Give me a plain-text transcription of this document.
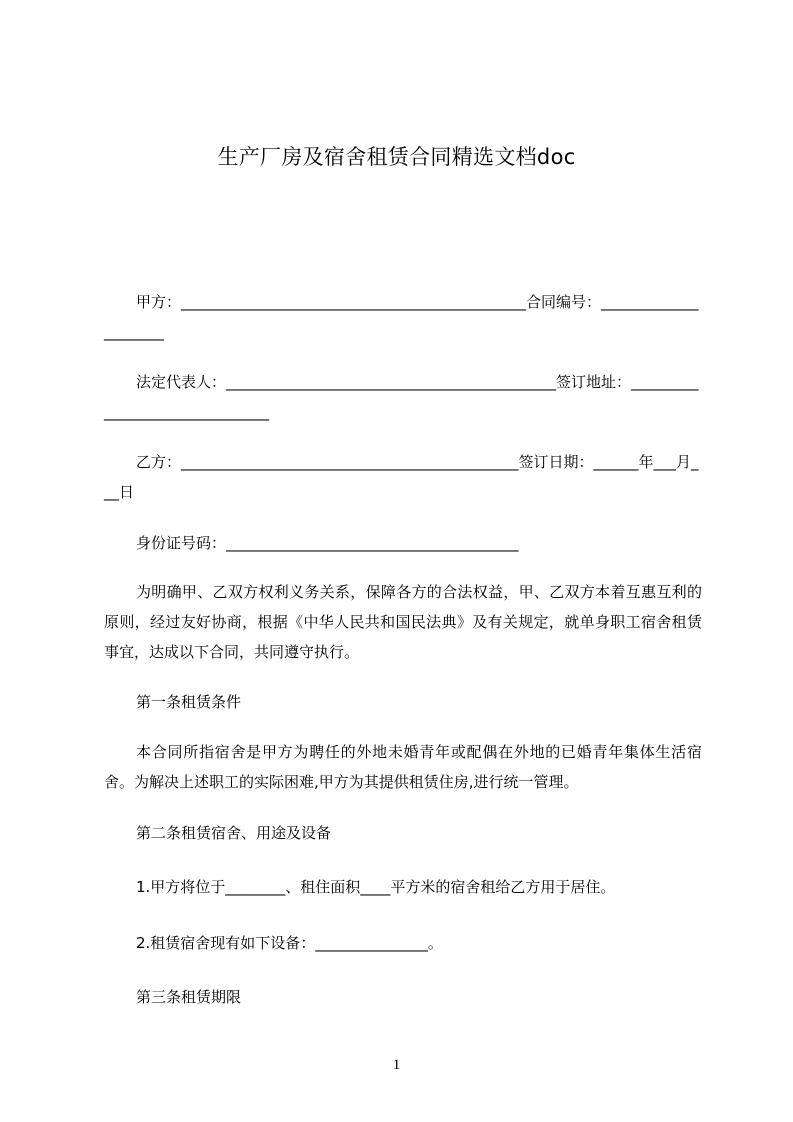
生产厂房及宿舍租赁合同精选文档doc
甲方：______________________________________________合同编号：_____________________
法定代表人：____________________________________________签订地址：_______________________________
乙方：_____________________________________________签订日期：______年___月___日
身份证号码：_______________________________________
为明确甲、乙双方权利义务关系，保障各方的合法权益，甲、乙双方本着互惠互利的原则，经过友好协商，根据《中华人民共和国民法典》及有关规定，就单身职工宿舍租赁事宜，达成以下合同，共同遵守执行。
第一条租赁条件
本合同所指宿舍是甲方为聘任的外地未婚青年或配偶在外地的已婚青年集体生活宿舍。为解决上述职工的实际困难,甲方为其提供租赁住房,进行统一管理。
第二条租赁宿舍、用途及设备
1.甲方将位于________、租住面积____平方米的宿舍租给乙方用于居住。
2.租赁宿舍现有如下设备：_______________。
第三条租赁期限
1
